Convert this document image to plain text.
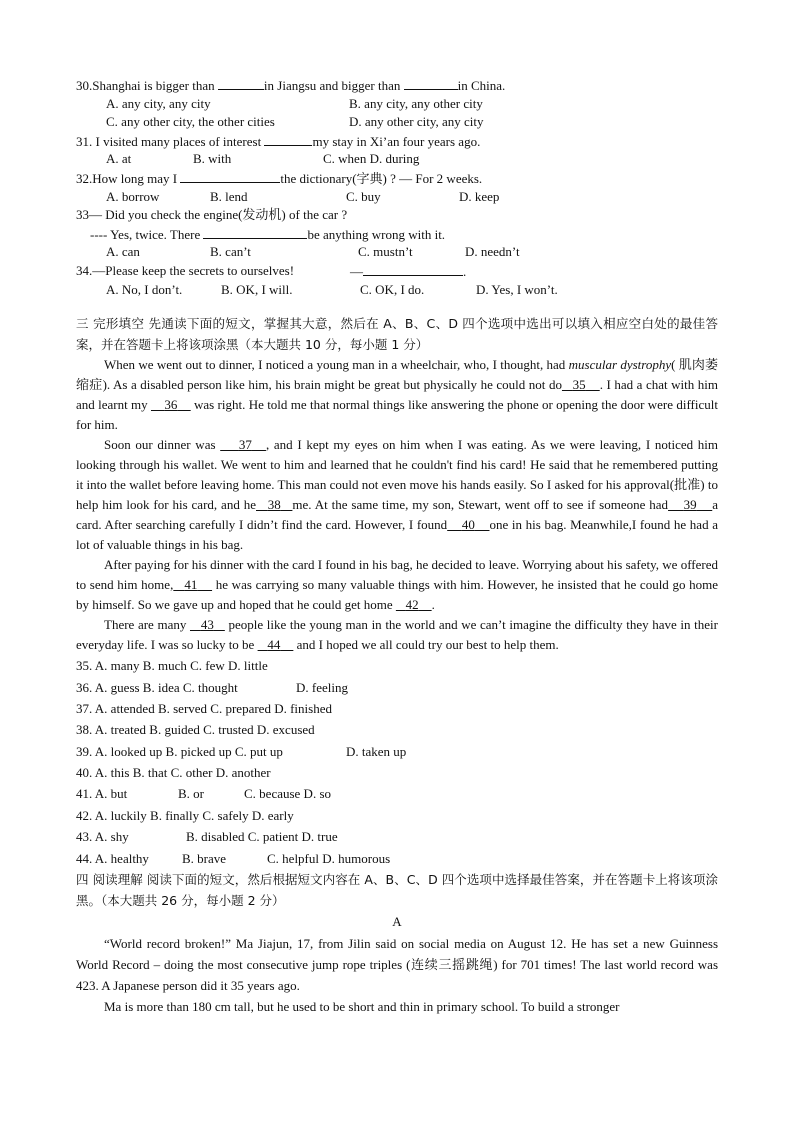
30.Shanghai is bigger than	in Jiangsu and bigger than	in China.
A. any city, any city	B. any city, any other city
C. any other city, the other cities	D. any other city, any city
31. I visited many places of interest	my stay in Xi’an four years ago.
A. at	B. with	C. when D. during
32.How long may I	the dictionary(字典) ? — For 2 weeks.
A. borrow	B. lend	C. buy	D. keep
33— Did you check the engine(发动机) of the car ?
---- Yes, twice. There	be anything wrong with it.
A. can	B. can’t	C. mustn’t	D. needn’t
34.—Please keep the secrets to ourselves!	—	.
A. No, I don’t.	B. OK, I will.	C. OK, I do.	D. Yes, I won’t.

三 完形填空 先通读下面的短文，掌握其大意，然后在 A、B、C、D 四个选项中选出可以填入相应空白处的最佳答案，并在答题卡上将该项涂黑（本大题共 10 分，每小题 1 分）

When we went out to dinner, I noticed a young man in a wheelchair, who, I thought, had muscular dystrophy( 肌肉萎缩症). As a disabled person like him, his brain might be great but physically he could not do 35 . I had a chat with him and learnt my     36     was right. He told me that normal things like answering the phone or opening the door were difficult for him.

Soon our dinner was     37 , and I kept my eyes on him when I was eating. As we were leaving, I noticed him looking through his wallet. We went to him and learned that he couldn't find his card! He said that he remembered putting it into the wallet before leaving home. This man could not even move his hands easily. So I asked for his approval(批准) to help him look for his card, and he 38 me. At the same time, my son, Stewart, went off to see if someone had 39 a card. After searching carefully I didn’t find the card. However, I found 40 one in his bag. Meanwhile,I found he had a lot of valuable things in his bag.

After paying for his dinner with the card I found in his bag, he decided to leave. Worrying about his safety, we offered to send him home, 41     he was carrying so many valuable things with him. However, he insisted that he could go home by himself. So we gave up and hoped that he could get home    42 .

There are many    43    people like the young man in the world and we can’t imagine the difficulty they have in their everyday life. I was so lucky to be    44     and I hoped we all could try our best to help them.

35. A. many B. much C. few D. little
36. A. guess B. idea C. thought	D. feeling
37. A. attended B. served C. prepared D. finished
38. A. treated B. guided C. trusted D. excused
39. A. looked up B. picked up C. put up	D. taken up
40. A. this B. that C. other D. another
41. A. but	B. or	C. because D. so
42. A. luckily B. finally C. safely D. early
43. A. shy	B. disabled C. patient D. true
44. A. healthy	B. brave	C. helpful D. humorous

四 阅读理解 阅读下面的短文，然后根据短文内容在 A、B、C、D 四个选项中选择最佳答案，并在答题卡上将该项涂黑。（本大题共 26 分，每小题 2 分）

A

“World record broken!” Ma Jiajun, 17, from Jilin said on social media on August 12. He has set a new Guinness World Record – doing the most consecutive jump rope triples (连续三摇跳绳) for 701 times! The last world record was 423. A Japanese person did it 35 years ago.

Ma is more than 180 cm tall, but he used to be short and thin in primary school. To build a stronger
